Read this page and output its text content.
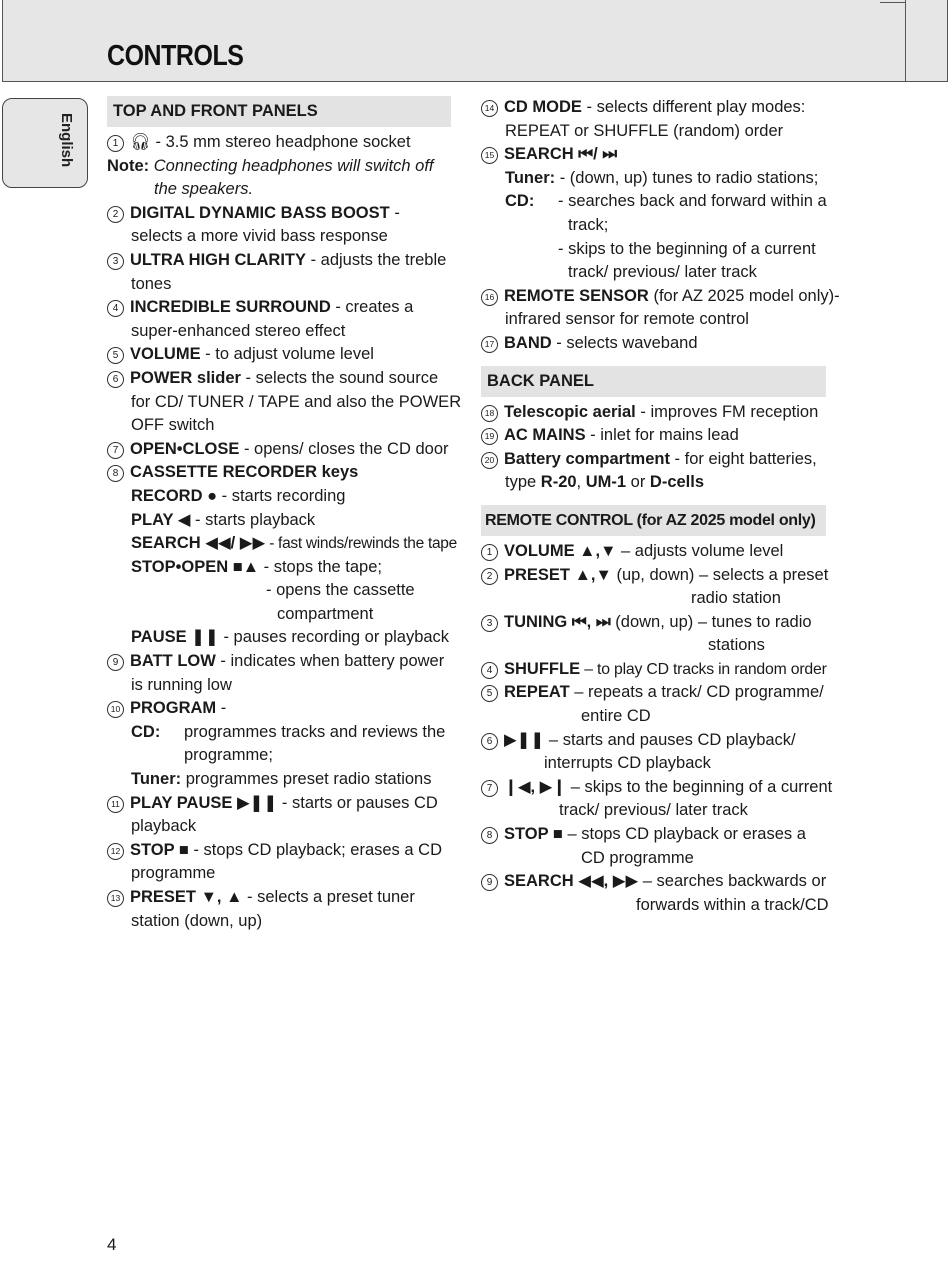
CONTROLS
English

TOP AND FRONT PANELS

1 🎧︎ - 3.5 mm stereo headphone socket

Note: Connecting headphones will switch off

the speakers.

2 DIGITAL DYNAMIC BASS BOOST -

selects a more vivid bass response

3 ULTRA HIGH CLARITY - adjusts the treble

tones

4 INCREDIBLE SURROUND - creates a

super-enhanced stereo effect

5 VOLUME - to adjust volume level

6 POWER slider - selects the sound source

for CD/ TUNER / TAPE and also the POWER

OFF switch

7 OPEN•CLOSE - opens/ closes the CD door

8 CASSETTE RECORDER keys

RECORD ● - starts recording

PLAY ◀ - starts playback

SEARCH ◀◀/ ▶▶ - fast winds/rewinds the tape

STOP•OPEN ■▲ - stops the tape;

- opens the cassette

compartment

PAUSE ❚❚ - pauses recording or playback

9 BATT LOW - indicates when battery power

is running low

10 PROGRAM -

CD: programmes tracks and reviews the

programme;

Tuner: programmes preset radio stations

11 PLAY PAUSE ▶❚❚ - starts or pauses CD

playback

12 STOP ■ - stops CD playback; erases a CD

programme

13 PRESET ▼, ▲ - selects a preset tuner

station (down, up)

14 CD MODE - selects different play modes:

REPEAT or SHUFFLE (random) order

15 SEARCH ⏮/ ⏭

Tuner: - (down, up) tunes to radio stations;

CD: - searches back and forward within a

track;

- skips to the beginning of a current

track/ previous/ later track

16 REMOTE SENSOR (for AZ 2025 model only)-

infrared sensor for remote control

17 BAND - selects waveband

BACK PANEL

18 Telescopic aerial - improves FM reception

19 AC MAINS - inlet for mains lead

20 Battery compartment - for eight batteries,

type R-20, UM-1 or D-cells

REMOTE CONTROL (for AZ 2025 model only)

1 VOLUME ▲,▼ – adjusts volume level

2 PRESET ▲,▼ (up, down) – selects a preset

radio station

3 TUNING ⏮, ⏭ (down, up) – tunes to radio

stations

4 SHUFFLE – to play CD tracks in random order

5 REPEAT – repeats a track/ CD programme/

entire CD

6 ▶❚❚ – starts and pauses CD playback/

interrupts CD playback

7 ❙◀, ▶❙ – skips to the beginning of a current

track/ previous/ later track

8 STOP ■ – stops CD playback or erases a

CD programme

9 SEARCH ◀◀, ▶▶ – searches backwards or

forwards within a track/CD

4
